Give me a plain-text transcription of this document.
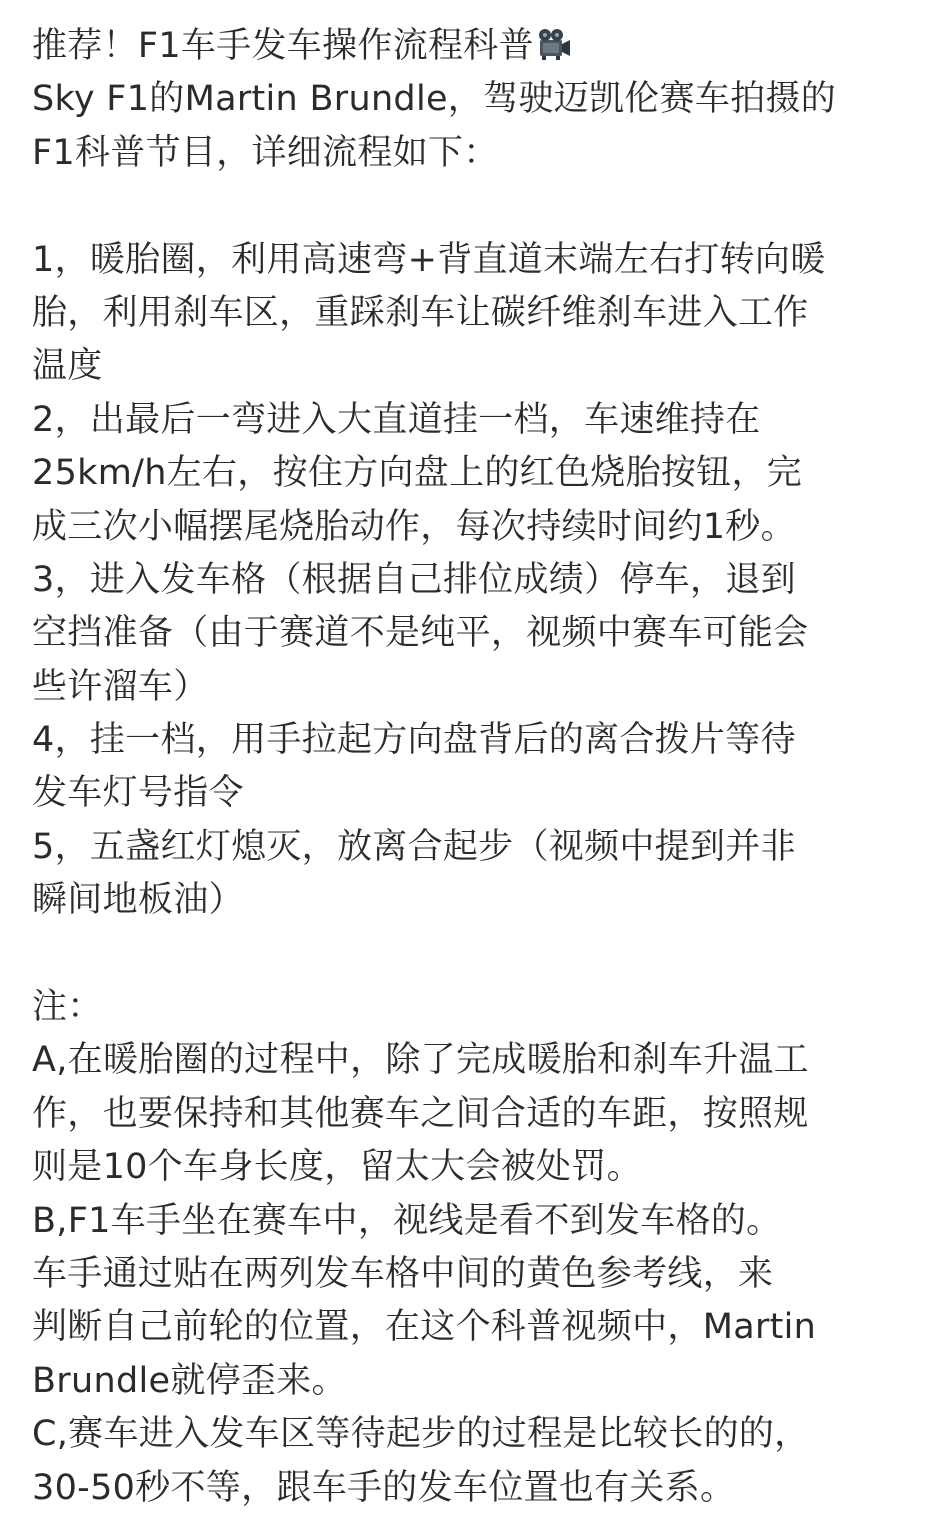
推荐！F1车手发车操作流程科普
Sky F1的Martin Brundle，驾驶迈凯伦赛车拍摄的
F1科普节目，详细流程如下：
1，暖胎圈，利用高速弯+背直道末端左右打转向暖
胎，利用刹车区，重踩刹车让碳纤维刹车进入工作
温度
2，出最后一弯进入大直道挂一档，车速维持在
25km/h左右，按住方向盘上的红色烧胎按钮，完
成三次小幅摆尾烧胎动作，每次持续时间约1秒。
3，进入发车格（根据自己排位成绩）停车，退到
空挡准备（由于赛道不是纯平，视频中赛车可能会
些许溜车）
4，挂一档，用手拉起方向盘背后的离合拨片等待
发车灯号指令
5，五盏红灯熄灭，放离合起步（视频中提到并非
瞬间地板油）
注：
A,在暖胎圈的过程中，除了完成暖胎和刹车升温工
作，也要保持和其他赛车之间合适的车距，按照规
则是10个车身长度，留太大会被处罚。
B,F1车手坐在赛车中，视线是看不到发车格的。
车手通过贴在两列发车格中间的黄色参考线，来
判断自己前轮的位置，在这个科普视频中，Martin
Brundle就停歪来。
C,赛车进入发车区等待起步的过程是比较长的的，
30-50秒不等，跟车手的发车位置也有关系。
